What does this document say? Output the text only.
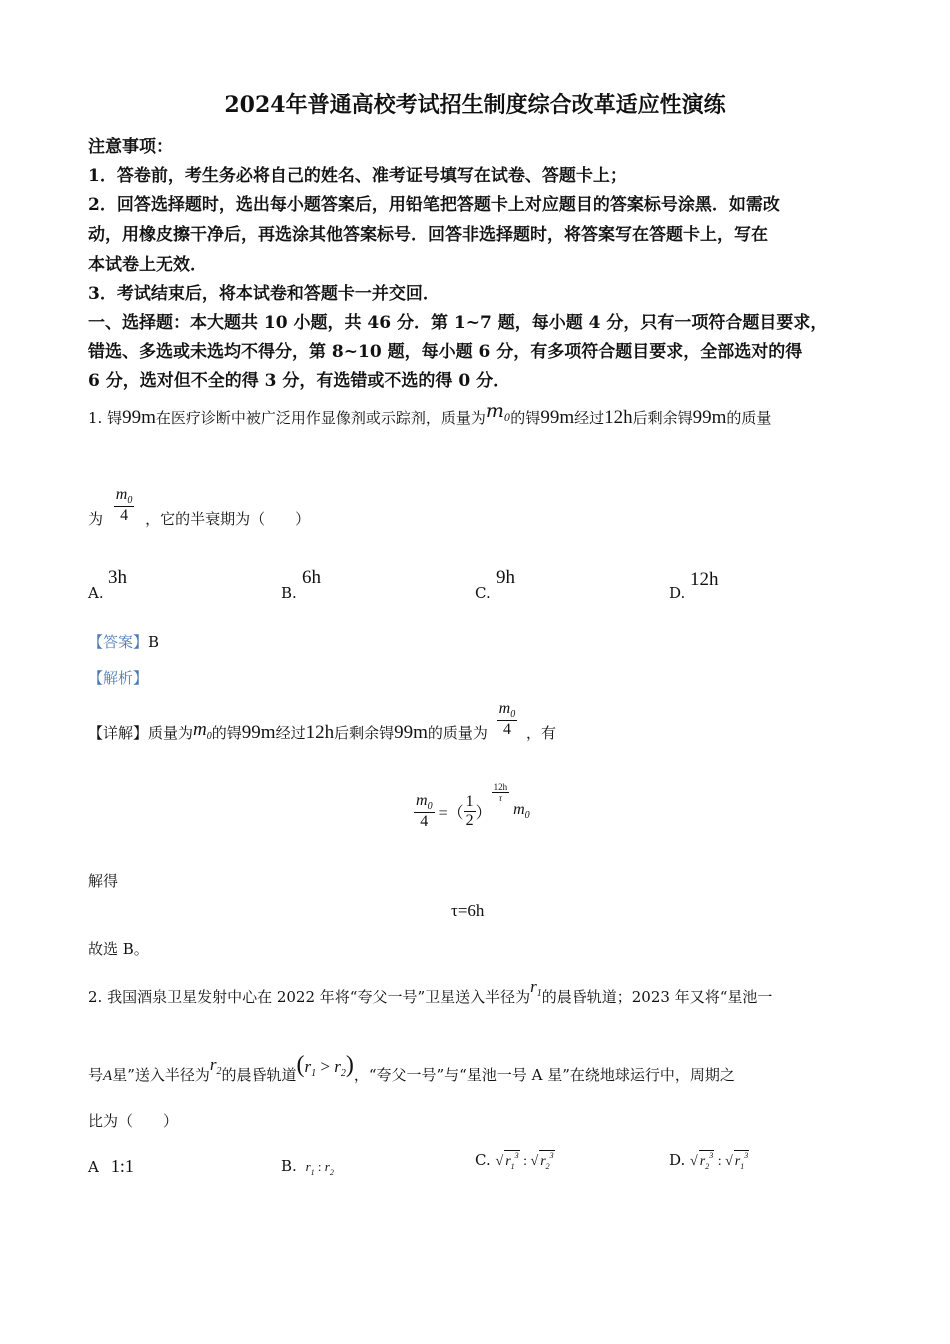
2024年普通高校考试招生制度综合改革适应性演练
注意事项：
1．答卷前，考生务必将自己的姓名、准考证号填写在试卷、答题卡上；
2．回答选择题时，选出每小题答案后，用铅笔把答题卡上对应题目的答案标号涂黑．如需改
动，用橡皮擦干净后，再选涂其他答案标号．回答非选择题时，将答案写在答题卡上，写在
本试卷上无效．
3．考试结束后，将本试卷和答题卡一并交回．
一、选择题：本大题共 10 小题，共 46 分．第 1~7 题，每小题 4 分，只有一项符合题目要求，
错选、多选或未选均不得分，第 8~10 题，每小题 6 分，有多项符合题目要求，全部选对的得
6 分，选对但不全的得 3 分，有选错或不选的得 0 分．
1. 锝99m在医疗诊断中被广泛用作显像剂或示踪剂，质量为$m_0$的锝99m经过12h后剩余锝99m的质量
为 $\frac{m_0}{4}$ ，它的半衰期为（　　）
A.
3h
B.
6h
C.
9h
D.
12h
【答案】B
【解析】
【详解】质量为$m_0$的锝99m经过12h后剩余锝99m的质量为 $\frac{m_0}{4}$ ，有
$\frac{m_0}{4}$ =（ $\frac{1}{2}$ ）
$\frac{12h}{\tau}$
$m_0$
解得
τ=6h
故选 B。
2. 我国酒泉卫星发射中心在 2022 年将“夸父一号”卫星送入半径为$r_1$的晨昏轨道；2023 年又将“星池一
号A星”送入半径为$r_2$的晨昏轨道$(r_1 > r_2)$，“夸父一号”与“星池一号 A 星”在绕地球运行中，周期之
比为（　　）
A 1:1	B. $r_1$ : $r_2$
C. √ $r_1^3$ : √ $r_2^3$	D. √ $r_2^3$ : √ $r_1^3$
